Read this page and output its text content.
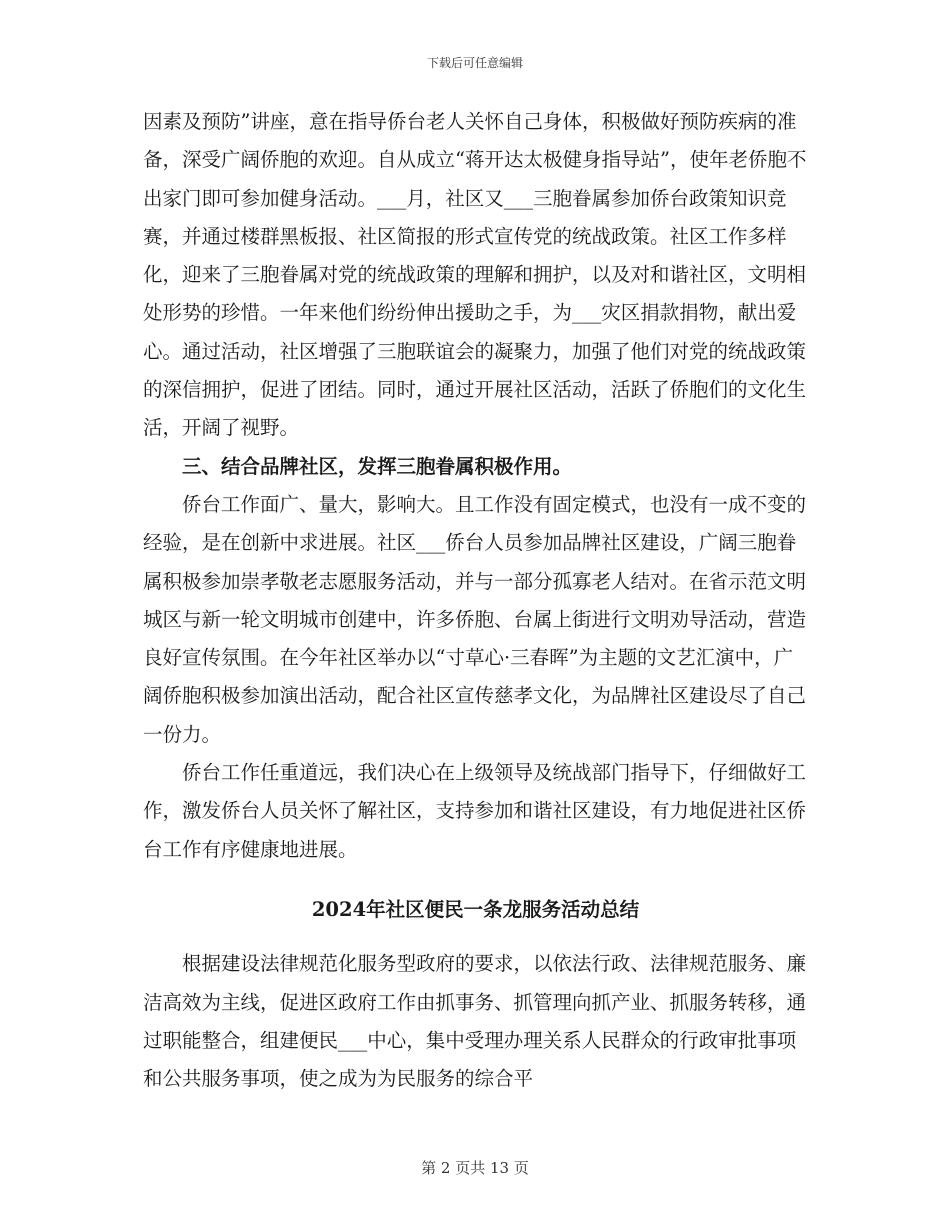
下载后可任意编辑

因素及预防”讲座，意在指导侨台老人关怀自己身体，积极做好预防疾病的准备，深受广阔侨胞的欢迎。自从成立“蒋开达太极健身指导站”，使年老侨胞不出家门即可参加健身活动。___月，社区又___三胞眷属参加侨台政策知识竞赛，并通过楼群黑板报、社区简报的形式宣传党的统战政策。社区工作多样化，迎来了三胞眷属对党的统战政策的理解和拥护，以及对和谐社区，文明相处形势的珍惜。一年来他们纷纷伸出援助之手，为___灾区捐款捐物，献出爱心。通过活动，社区增强了三胞联谊会的凝聚力，加强了他们对党的统战政策的深信拥护，促进了团结。同时，通过开展社区活动，活跃了侨胞们的文化生活，开阔了视野。

三、结合品牌社区，发挥三胞眷属积极作用。

侨台工作面广、量大，影响大。且工作没有固定模式，也没有一成不变的经验，是在创新中求进展。社区___侨台人员参加品牌社区建设，广阔三胞眷属积极参加崇孝敬老志愿服务活动，并与一部分孤寡老人结对。在省示范文明城区与新一轮文明城市创建中，许多侨胞、台属上街进行文明劝导活动，营造良好宣传氛围。在今年社区举办以“寸草心·三春晖”为主题的文艺汇演中，广阔侨胞积极参加演出活动，配合社区宣传慈孝文化，为品牌社区建设尽了自己一份力。

侨台工作任重道远，我们决心在上级领导及统战部门指导下，仔细做好工作，激发侨台人员关怀了解社区，支持参加和谐社区建设，有力地促进社区侨台工作有序健康地进展。

2024年社区便民一条龙服务活动总结

根据建设法律规范化服务型政府的要求，以依法行政、法律规范服务、廉洁高效为主线，促进区政府工作由抓事务、抓管理向抓产业、抓服务转移，通过职能整合，组建便民___中心，集中受理办理关系人民群众的行政审批事项和公共服务事项，使之成为为民服务的综合平

第 2 页共 13 页
